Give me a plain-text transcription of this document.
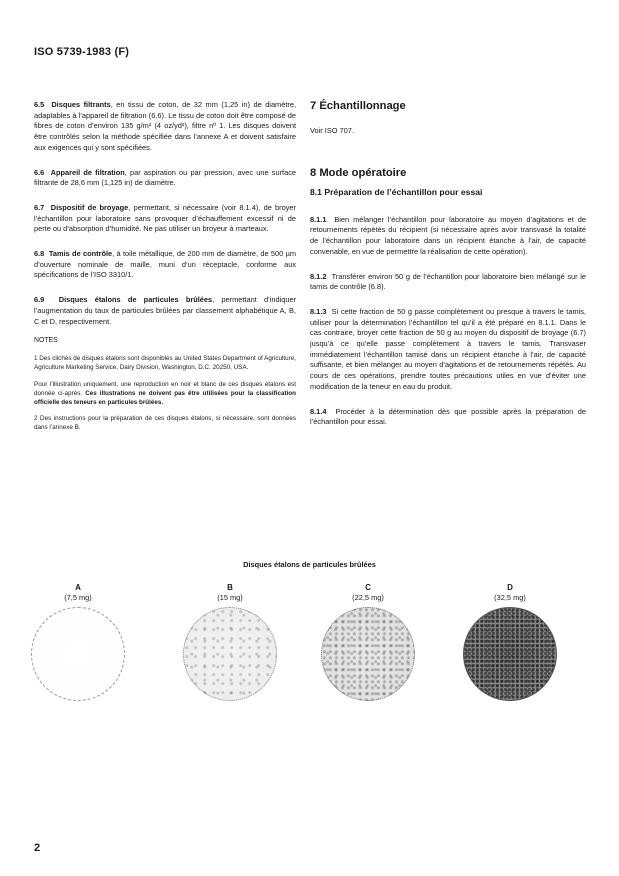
ISO 5739-1983 (F)

6.5 Disques filtrants, en tissu de coton, de 32 mm (1,25 in) de diamètre, adaptables à l’appareil de filtration (6.6). Le tissu de coton doit être composé de fibres de coton d’environ 135 g/m² (4 oz/yd²), filtre nº 1. Les disques doivent être contrôlés selon la méthode spécifiée dans l’annexe A et doivent satisfaire aux exigences qui y sont spécifiées.

6.6 Appareil de filtration, par aspiration ou par pression, avec une surface filtrante de 28,6 mm (1,125 in) de diamètre.

6.7 Dispositif de broyage, permettant, si nécessaire (voir 8.1.4), de broyer l’échantillon pour laboratoire sans provoquer d’échauffement excessif ni de perte ou d’absorption d’humidité. Ne pas utiliser un broyeur à marteaux.

6.8 Tamis de contrôle, à toile métallique, de 200 mm de diamètre, de 500 µm d’ouverture nominale de maille, muni d’un réceptacle, conforme aux spécifications de l’ISO 3310/1.

6.9 Disques étalons de particules brûlées, permettant d’indiquer l’augmentation du taux de particules brûlées par classement alphabétique A, B, C et D, respectivement.

NOTES

1 Des clichés de disques étalons sont disponibles au United States Department of Agriculture, Agriculture Marketing Service, Dairy Division, Washington, D.C. 20250, USA.

Pour l’illustration uniquement, une reproduction en noir et blanc de ces disques étalons est donnée ci-après. Ces illustrations ne doivent pas être utilisées pour la classification officielle des teneurs en particules brûlées.

2 Des instructions pour la préparation de ces disques étalons, si nécessaire, sont données dans l’annexe B.

7 Échantillonnage

Voir ISO 707.

8 Mode opératoire
8.1 Préparation de l’échantillon pour essai

8.1.1 Bien mélanger l’échantillon pour laboratoire au moyen d’agitations et de retournements répétés du récipient (si nécessaire après avoir transvasé la totalité de l’échantillon pour laboratoire dans un récipient étanche à l’air, de capacité convenable, en vue de permettre la réalisation de cette opération).

8.1.2 Transférer environ 50 g de l’échantillon pour laboratoire bien mélangé sur le tamis de contrôle (6.8).

8.1.3 Si cette fraction de 50 g passe complètement ou presque à travers le tamis, utiliser pour la détermination l’échantillon tel qu’il a été préparé en 8.1.1. Dans le cas contraire, broyer cette fraction de 50 g au moyen du dispositif de broyage (6.7) jusqu’à ce qu’elle passe complètement à travers le tamis. Transvaser immédiatement l’échantillon tamisé dans un récipient étanche à l’air, de capacité suffisante, et bien mélanger au moyen d’agitations et de retournements répétés. Au cours de ces opérations, prendre toutes précautions utiles en vue d’éviter une modification de la teneur en eau du produit.

8.1.4 Procéder à la détermination dès que possible après la préparation de l’échantillon pour essai.

Disques étalons de particules brûlées
A
(7,5 mg)
B
(15 mg)
C
(22,5 mg)
D
(32,5 mg)
2
